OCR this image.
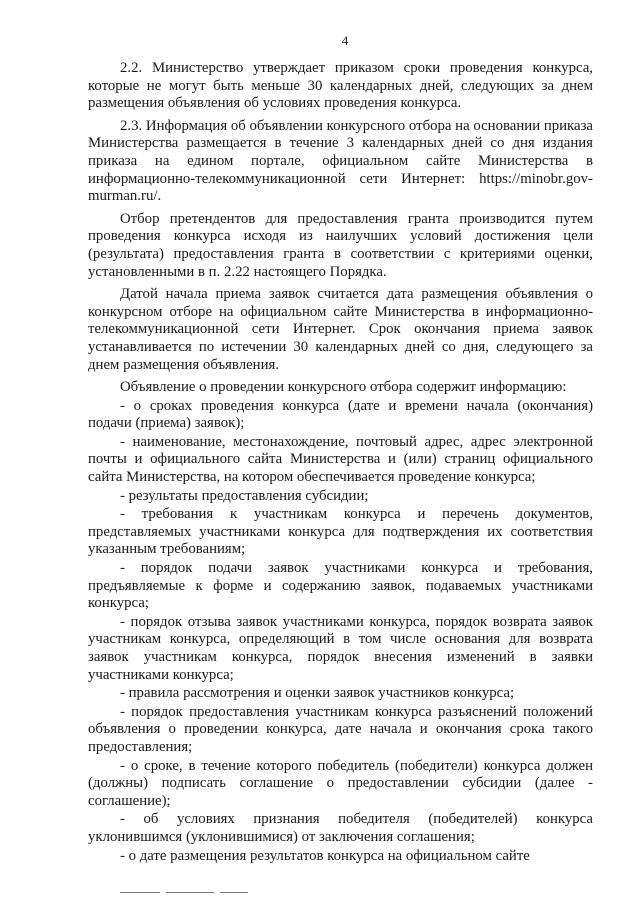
4

2.2. Министерство утверждает приказом сроки проведения конкурса, которые не могут быть меньше 30 календарных дней, следующих за днем размещения объявления об условиях проведения конкурса.

2.3. Информация об объявлении конкурсного отбора на основании приказа Министерства размещается в течение 3 календарных дней со дня издания приказа на едином портале, официальном сайте Министерства в информационно-телекоммуникационной сети Интернет: https://minobr.gov-murman.ru/.

Отбор претендентов для предоставления гранта производится путем проведения конкурса исходя из наилучших условий достижения цели (результата) предоставления гранта в соответствии с критериями оценки, установленными в п. 2.22 настоящего Порядка.

Датой начала приема заявок считается дата размещения объявления о конкурсном отборе на официальном сайте Министерства в информационно-телекоммуникационной сети Интернет. Срок окончания приема заявок устанавливается по истечении 30 календарных дней со дня, следующего за днем размещения объявления.

Объявление о проведении конкурсного отбора содержит информацию:

- о сроках проведения конкурса (дате и времени начала (окончания) подачи (приема) заявок);

- наименование, местонахождение, почтовый адрес, адрес электронной почты и официального сайта Министерства и (или) страниц официального сайта Министерства, на котором обеспечивается проведение конкурса;

- результаты предоставления субсидии;

- требования к участникам конкурса и перечень документов, представляемых участниками конкурса для подтверждения их соответствия указанным требованиям;

- порядок подачи заявок участниками конкурса и требования, предъявляемые к форме и содержанию заявок, подаваемых участниками конкурса;

- порядок отзыва заявок участниками конкурса, порядок возврата заявок участникам конкурса, определяющий в том числе основания для возврата заявок участникам конкурса, порядок внесения изменений в заявки участниками конкурса;

- правила рассмотрения и оценки заявок участников конкурса;

- порядок предоставления участникам конкурса разъяснений положений объявления о проведении конкурса, дате начала и окончания срока такого предоставления;

- о сроке, в течение которого победитель (победители) конкурса должен (должны) подписать соглашение о предоставлении субсидии (далее - соглашение);

- об условиях признания победителя (победителей) конкурса уклонившимся (уклонившимися) от заключения соглашения;

- о дате размещения результатов конкурса на официальном сайте
